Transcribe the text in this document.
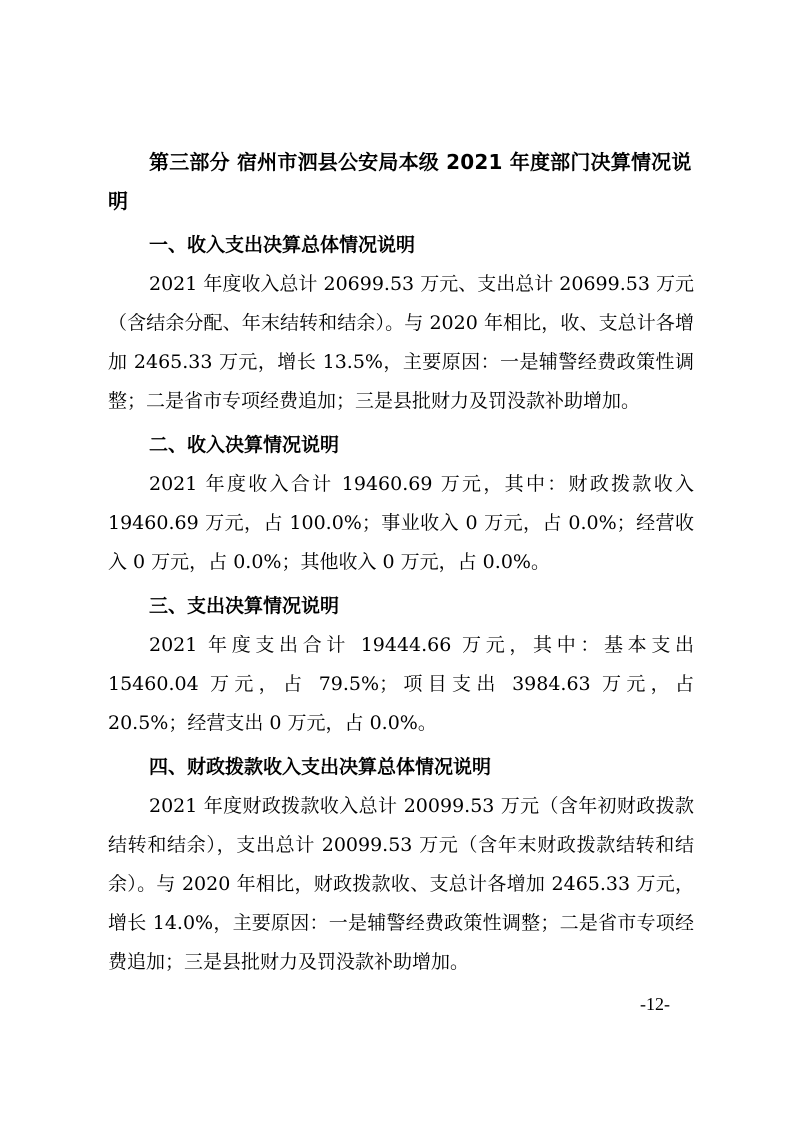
第三部分 宿州市泗县公安局本级 2021 年度部门决算情况说明

一、收入支出决算总体情况说明

2021 年度收入总计 20699.53 万元、支出总计 20699.53 万元（含结余分配、年末结转和结余）。与 2020 年相比，收、支总计各增加 2465.33 万元，增长 13.5%，主要原因：一是辅警经费政策性调整；二是省市专项经费追加；三是县批财力及罚没款补助增加。

二、收入决算情况说明

2021 年度收入合计 19460.69 万元，其中：财政拨款收入 19460.69 万元，占 100.0%；事业收入 0 万元，占 0.0%；经营收入 0 万元，占 0.0%；其他收入 0 万元，占 0.0%。

三、支出决算情况说明

2021 年度支出合计 19444.66 万元，其中：基本支出 15460.04 万元，占 79.5%；项目支出 3984.63 万元，占 20.5%；经营支出 0 万元，占 0.0%。

四、财政拨款收入支出决算总体情况说明

2021 年度财政拨款收入总计 20099.53 万元（含年初财政拨款结转和结余），支出总计 20099.53 万元（含年末财政拨款结转和结余）。与 2020 年相比，财政拨款收、支总计各增加 2465.33 万元，增长 14.0%，主要原因：一是辅警经费政策性调整；二是省市专项经费追加；三是县批财力及罚没款补助增加。

-12-
